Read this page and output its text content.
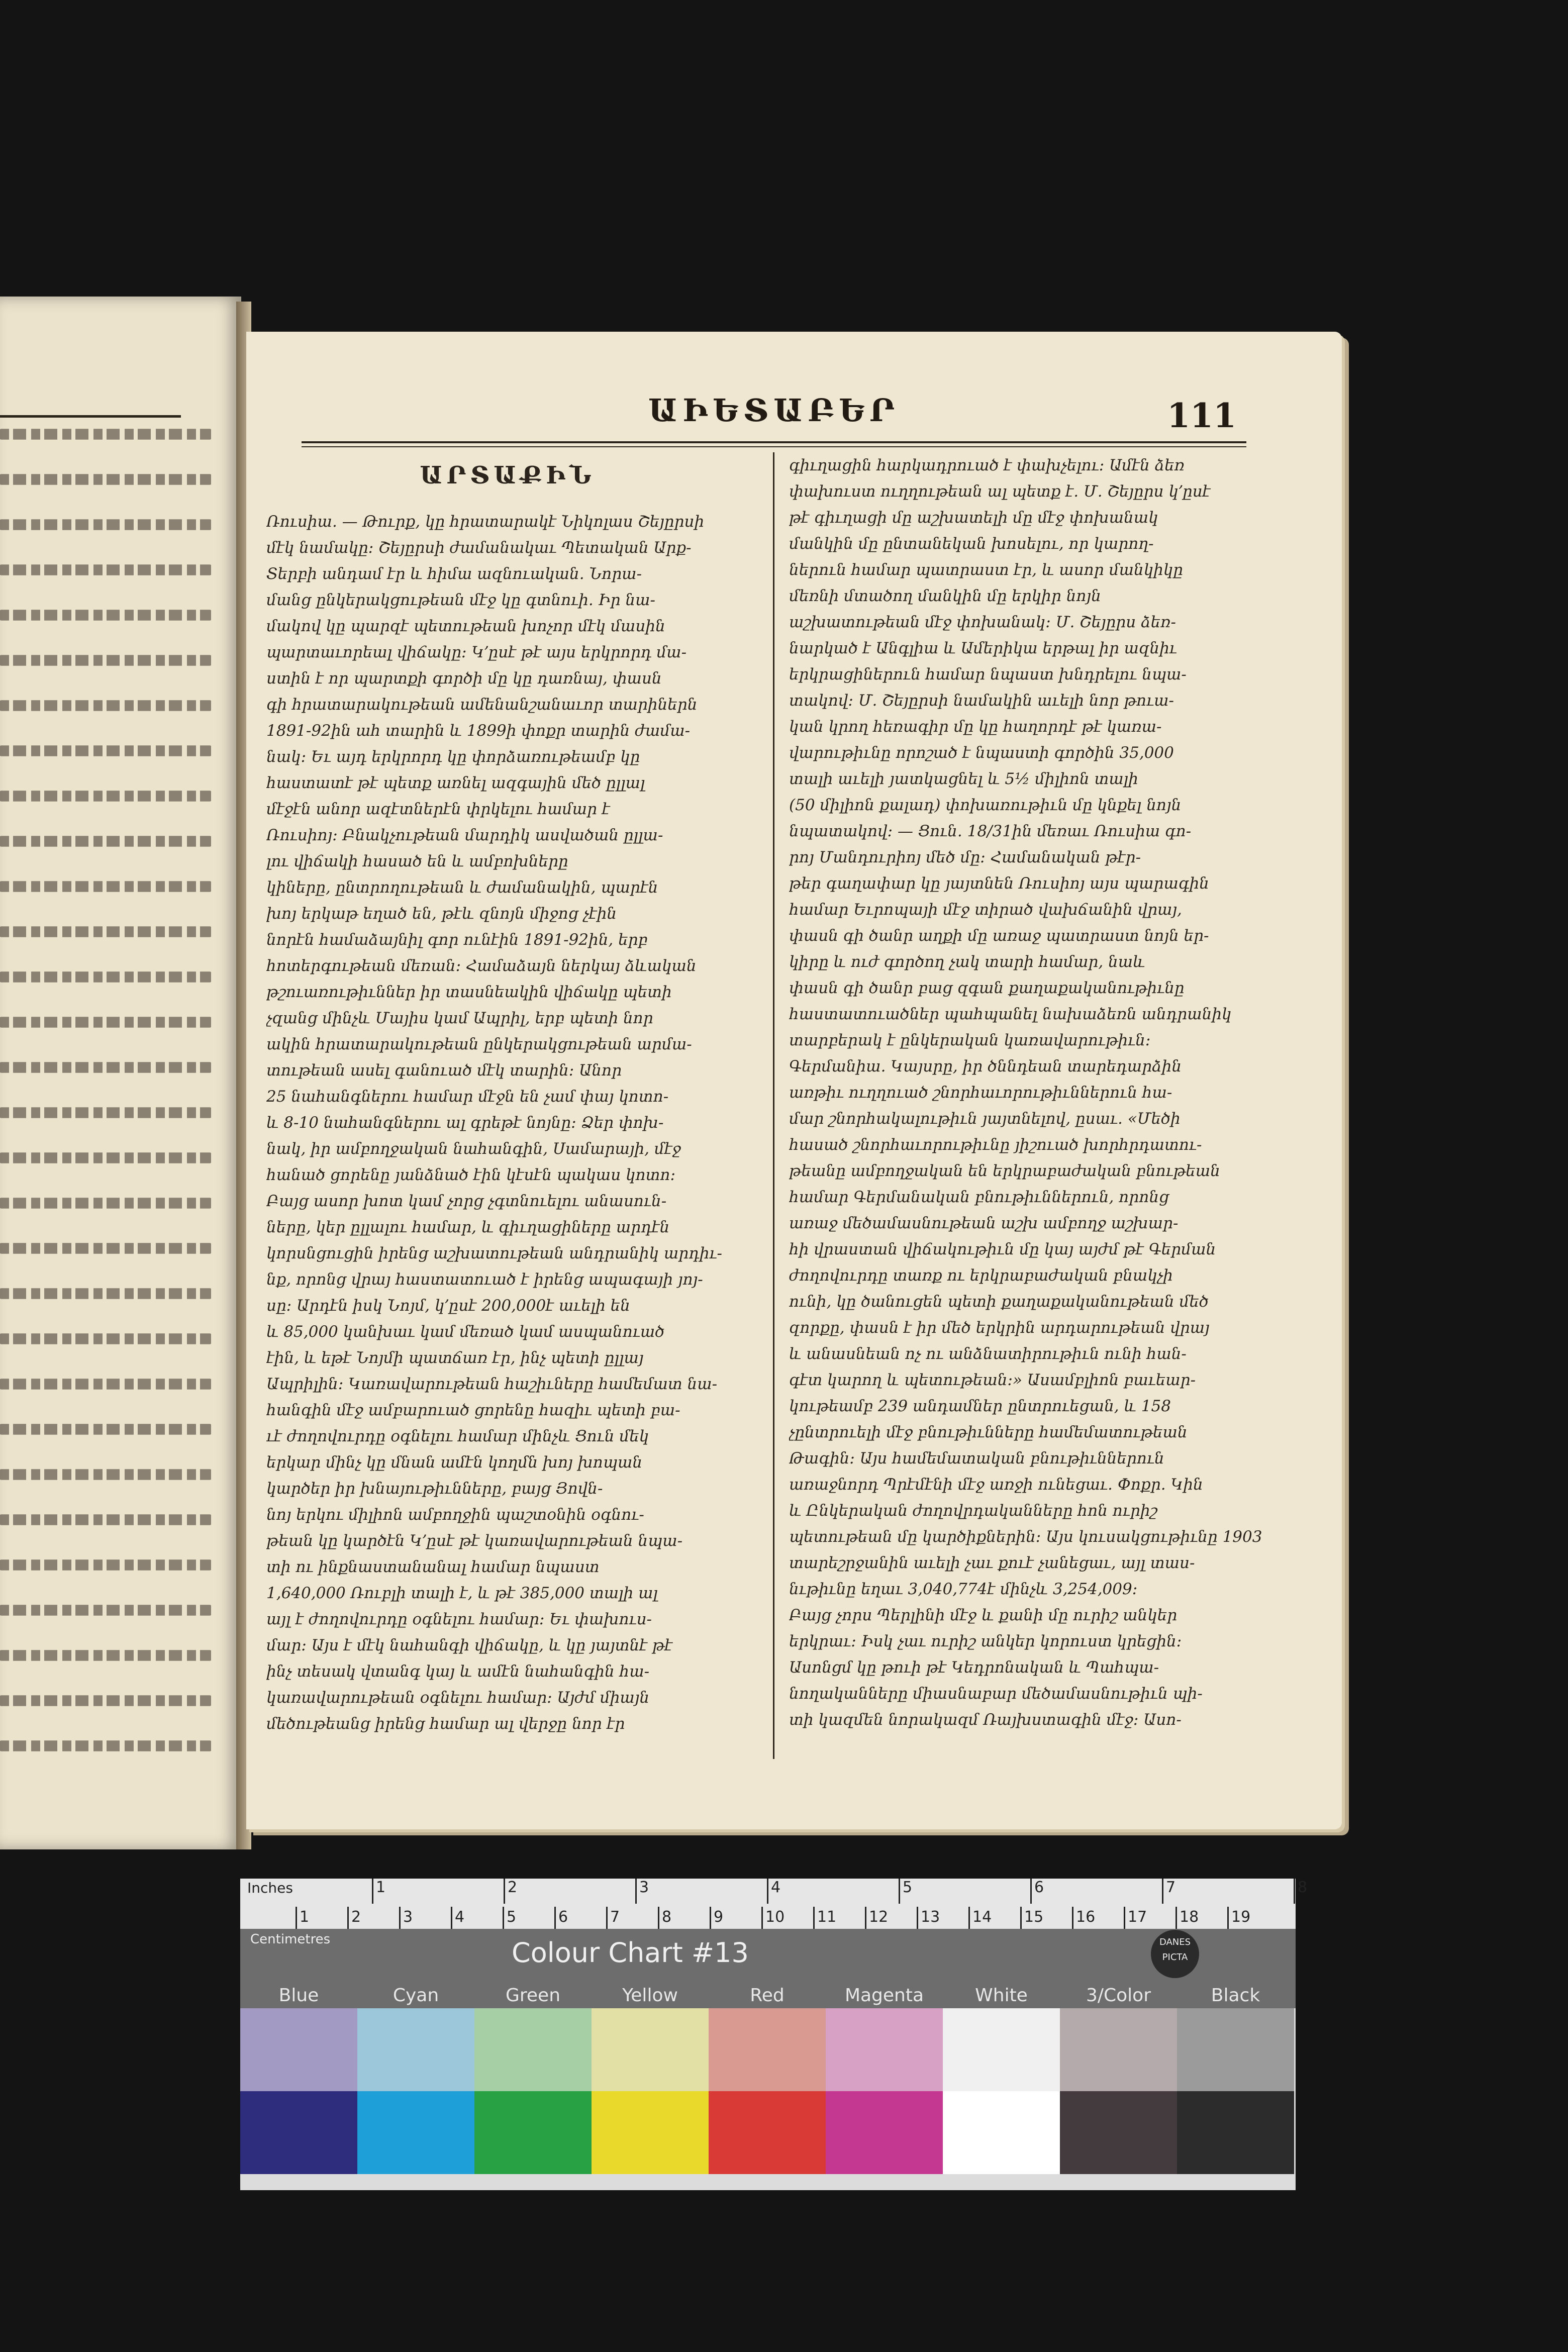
ԱԻԵՏԱԲԵՐ	111
ԱՐՏԱՔԻՆ
Ռուսիա. — Թուրք, կը հրատարակէ Նիկոլաս Շեյըրսի
մէկ նամակը։ Շեյըրսի ժամանակաւ Պետական Արք-
Տերբի անդամ էր և հիմա ազնուական. Նորա-
մանց ընկերակցութեան մէջ կը գտնուի. Իր նա-
մակով կը պարզէ պետութեան խոչոր մէկ մասին
պարտաւորեալ վիճակը։ Կ՚ըսէ թէ այս երկրորդ մա-
ստին է որ պարտքի գործի մը կը դառնայ, փասն
գի հրատարակութեան ամենանշանաւոր տարիներն
1891-92ին ահ տարին և 1899ի փոքր տարին ժամա-
նակ։ Եւ այդ երկրորդ կը փորձառութեամբ կը
հաստատէ թէ պետք առնել ազգային մեծ ըլլալ
մէջէն անոր ազէտներէն փրկելու համար է
Ռուսիոյ։ Բնակչութեան մարդիկ ասվածան ըլլա-
լու վիճակի հասած են և ամբոխները
կիները, ընտրողութեան և ժամանակին, պարէն
խոյ երկաթ եղած են, թէև զնոյն միջոց չէին
նորէն համաձայնիլ գոր ունէին 1891-92ին, երբ
հոտերգութեան մեռան։ Համաձայն ներկայ ձևական
թշուառութիւններ իր տասնեակին վիճակը պետի
չզանց մինչև Մայիս կամ Ապրիլ, երբ պետի նոր
ակին հրատարակութեան ընկերակցութեան արմա-
տութեան ասել գանուած մէկ տարին։ Անոր
25 նահանգներու համար մէջն են չամ փայ կոտո-
և 8-10 նահանգներու ալ գրեթէ նոյնը։ Ձեր փոխ-
նակ, իր ամբողջական նահանգին, Սամարայի, մէջ
հանած ցորենը յանձնած էին կէսէն պակաս կոտո։
Բայց ասոր խոտ կամ չորց չգտնուելու անասուն-
ները, կեր ըլլալու համար, և գիւղացիները արդէն
կորսնցուցին իրենց աշխատութեան անդրանիկ արդիւ-
նք, որոնց վրայ հաստատուած է իրենց ապագայի յոյ-
սը։ Արդէն իսկ Նոյմ, կ՚ըսէ 200,000է աւելի են
և 85,000 կանխաւ կամ մեռած կամ ասպանուած
էին, և եթէ Նոյմի պատճառ էր, ինչ պետի ըլլայ
Ապրիլին։ Կառավարութեան հաշիւները համեմատ նա-
հանգին մէջ ամբարուած ցորենը հազիւ պետի բա-
ւէ ժողովուրդը օգնելու համար մինչև Ցուն մեկ
երկար մինչ կը մնան ամէն կողմն խոյ խոպան
կարծեր իր խնայութիւնները, բայց Յովն-
նոյ երկու միլիոն ամբողջին պաշտօնին օգնու-
թեան կը կարծէն Կ՚ըսէ թէ կառավարութեան նպա-
տի ու ինքնաստանանալ համար նպաստ
1,640,000 Ռուբլի տալի է, և թէ 385,000 տալի ալ
այլ է ժողովուրդը օգնելու համար։ Եւ փախուս-
մար։ Այս է մէկ նահանգի վիճակը, և կը յայտնէ թէ
ինչ տեսակ վտանգ կայ և ամէն նահանգին հա-
կառավարութեան օգնելու համար։ Այժմ միայն
մեծութեանց իրենց համար ալ վերջը նոր էր
գիւղացին հարկադրուած է փախչելու։ Ամէն ձեռ
փախուստ ուղղութեան ալ պետք է. Մ. Շեյըրս կ՚ըսէ
թէ գիւղացի մը աշխատելի մը մէջ փոխանակ
մանկին մը ընտանեկան խոսելու, որ կարող-
ներուն համար պատրաստ էր, և ասոր մանկիկը
մեռնի մտածող մանկին մը երկիր նոյն
աշխատութեան մէջ փոխանակ։ Մ. Շեյըրս ձեռ-
նարկած է Անգլիա և Ամերիկա երթալ իր ազնիւ
երկրացիներուն համար նպաստ խնդրելու նպա-
տակով։ Մ. Շեյըրսի նամակին աւելի նոր թուա-
կան կրող հեռագիր մը կը հաղորդէ թէ կառա-
վարութիւնը որոշած է նպաստի գործին 35,000
տալի աւելի յատկացնել և 5½ միլիոն տալի
(50 միլիոն քալադ) փոխառութիւն մը կնքել նոյն
նպատակով։ — Ցուն. 18/31ին մեռաւ Ռուսիա գո-
րոյ Մանդուրիոյ մեծ մը։ Համանական թէր-
թեր գաղափար կը յայտնեն Ռուսիոյ այս պարագին
համար Եւրոպայի մէջ տիրած վախճանին վրայ,
փասն գի ծանր աղքի մը առաջ պատրաստ նոյն եր-
կիրը և ուժ գործող չակ տարի համար, նաև
փասն գի ծանր բաց զգան քաղաքականութիւնը
հաստատուածներ պահպանել նախաձեռն անդրանիկ
տարբերակ է ընկերական կառավարութիւն։
Գերմանիա. Կայսրը, իր ծննդեան տարեդարձին
առթիւ ուղղուած շնորհաւորութիւններուն հա-
մար շնորհակալութիւն յայտնելով, ըսաւ. «Մեծի
հասած շնորհաւորութիւնը յիշուած խորհրդատու-
թեանը ամբողջական են երկրաբաժական բնութեան
համար Գերմանական բնութիւններուն, որոնց
առաջ մեծամասնութեան աշխ ամբողջ աշխար-
հի վրաստան վիճակութիւն մը կայ այժմ թէ Գերման
ժողովուրդը տառք ու երկրաբաժական բնակչի
ունի, կը ծանուցեն պետի քաղաքականութեան մեծ
զորքը, փասն է իր մեծ երկրին արդարութեան վրայ
և անասնեան ոչ ու անձնատիրութիւն ունի հան-
գէտ կարող և պետութեան։» Ասամբլիոն բաւեար-
կութեամբ 239 անդամներ ընտրուեցան, և 158
չընտրուելի մէջ բնութիւնները համեմատութեան
Թագին։ Այս համեմատական բնութիւններուն
առաջնորդ Պրէմէնի մէջ առջի ունեցաւ. Փոքր. Կին
և Ընկերական ժողովրդականները հոն ուրիշ
պետութեան մը կարծիքներին։ Այս կուսակցութիւնը 1903
տարեշրջանին աւելի չաւ քուէ չանեցաւ, այլ տաս-
նւթիւնը եղաւ 3,040,774է մինչև 3,254,009։
Բայց չորս Պերլինի մէջ և քանի մը ուրիշ անկեր
երկրաւ։ Իսկ չաւ ուրիշ անկեր կորուստ կրեցին։
Ասոնցմ կը թուի թէ Կեդրոնական և Պահպա-
նողականները միասնաբար մեծամասնութիւն պի-
տի կազմեն նորակազմ Ռայխստագին մէջ։ Ասո-
Inches	1	2	3	4	5	6	7	8
1	2	3	4	5	6	7	8	9	10 11 12 13 14 15 16 17 18 19
Centimetres	Colour Chart #13	DANES PICTA
Blue	Cyan	Green	Yellow	Red	Magenta	White	3/Color	Black
